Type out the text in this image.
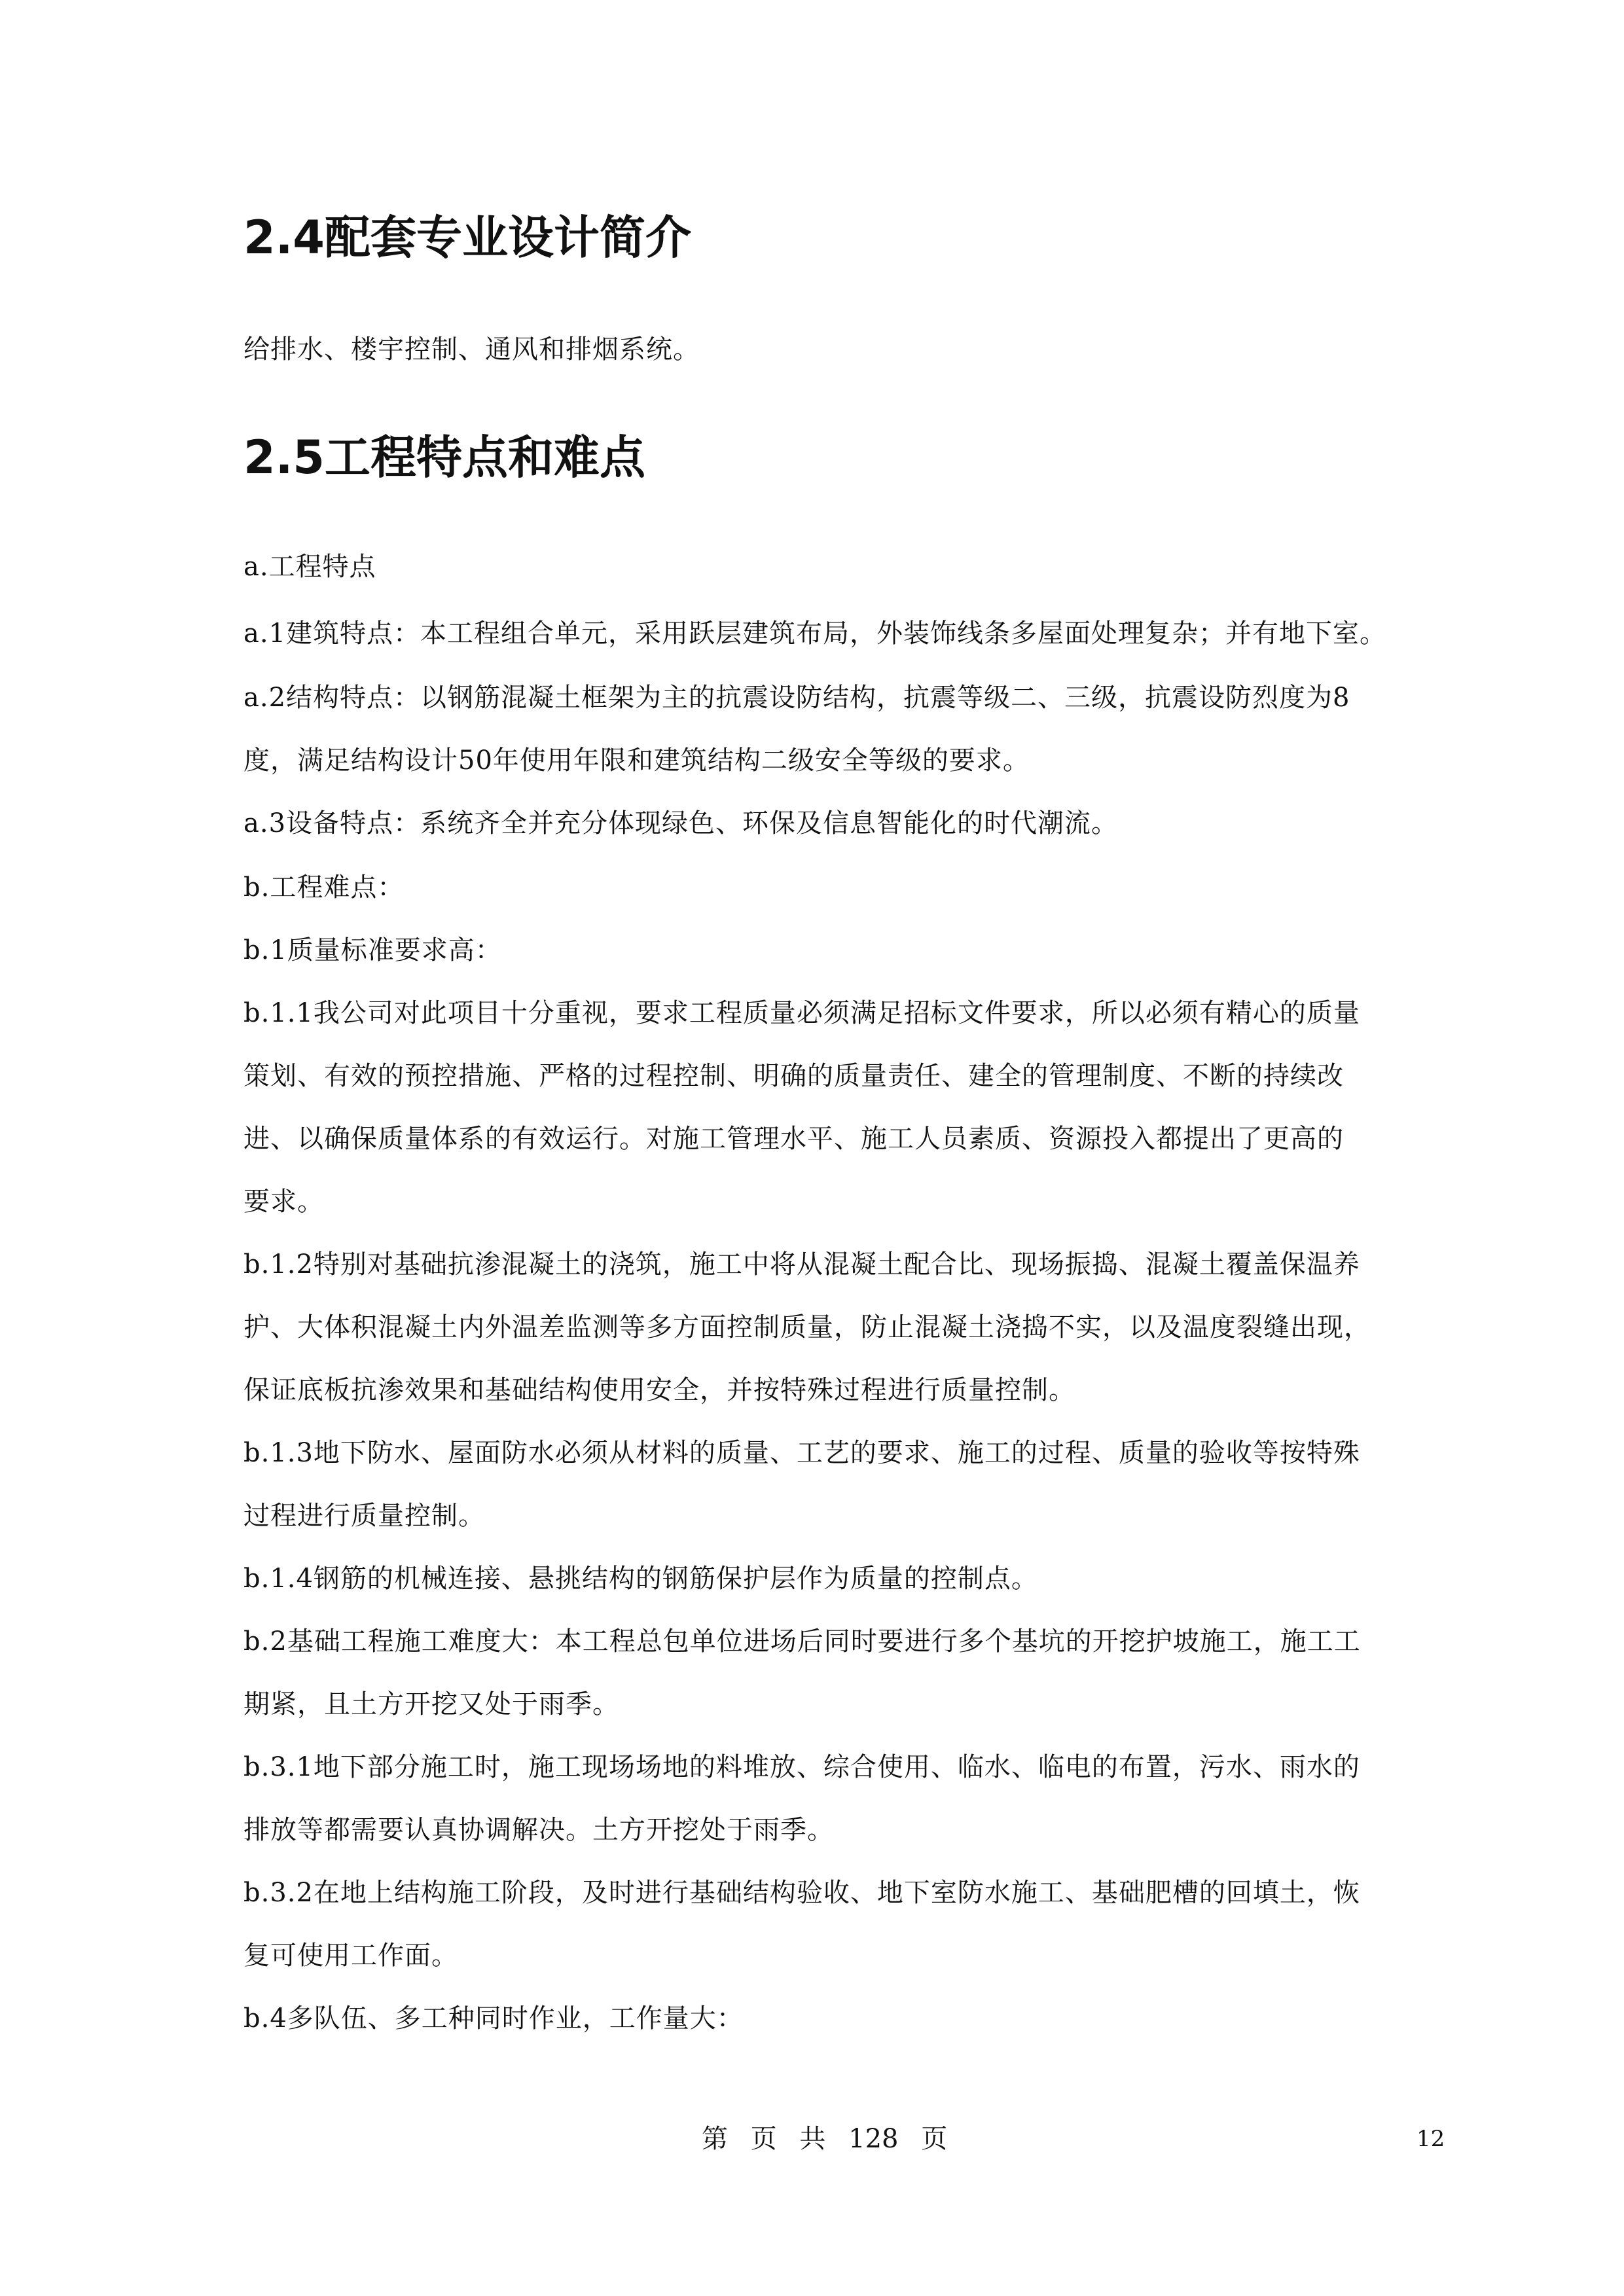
2.4配套专业设计简介

给排水、楼宇控制、通风和排烟系统。

2.5工程特点和难点

a.工程特点

a.1建筑特点：本工程组合单元，采用跃层建筑布局，外装饰线条多屋面处理复杂；并有地下室。

a.2结构特点：以钢筋混凝土框架为主的抗震设防结构，抗震等级二、三级，抗震设防烈度为8

度，满足结构设计50年使用年限和建筑结构二级安全等级的要求。

a.3设备特点：系统齐全并充分体现绿色、环保及信息智能化的时代潮流。

b.工程难点：

b.1质量标准要求高：

b.1.1我公司对此项目十分重视，要求工程质量必须满足招标文件要求，所以必须有精心的质量

策划、有效的预控措施、严格的过程控制、明确的质量责任、建全的管理制度、不断的持续改

进、以确保质量体系的有效运行。对施工管理水平、施工人员素质、资源投入都提出了更高的

要求。

b.1.2特别对基础抗渗混凝土的浇筑，施工中将从混凝土配合比、现场振捣、混凝土覆盖保温养

护、大体积混凝土内外温差监测等多方面控制质量，防止混凝土浇捣不实，以及温度裂缝出现，

保证底板抗渗效果和基础结构使用安全，并按特殊过程进行质量控制。

b.1.3地下防水、屋面防水必须从材料的质量、工艺的要求、施工的过程、质量的验收等按特殊

过程进行质量控制。

b.1.4钢筋的机械连接、悬挑结构的钢筋保护层作为质量的控制点。

b.2基础工程施工难度大：本工程总包单位进场后同时要进行多个基坑的开挖护坡施工，施工工

期紧，且土方开挖又处于雨季。

b.3.1地下部分施工时，施工现场场地的料堆放、综合使用、临水、临电的布置，污水、雨水的

排放等都需要认真协调解决。土方开挖处于雨季。

b.3.2在地上结构施工阶段，及时进行基础结构验收、地下室防水施工、基础肥槽的回填土，恢

复可使用工作面。

b.4多队伍、多工种同时作业，工作量大：

第 页 共 128 页	12
